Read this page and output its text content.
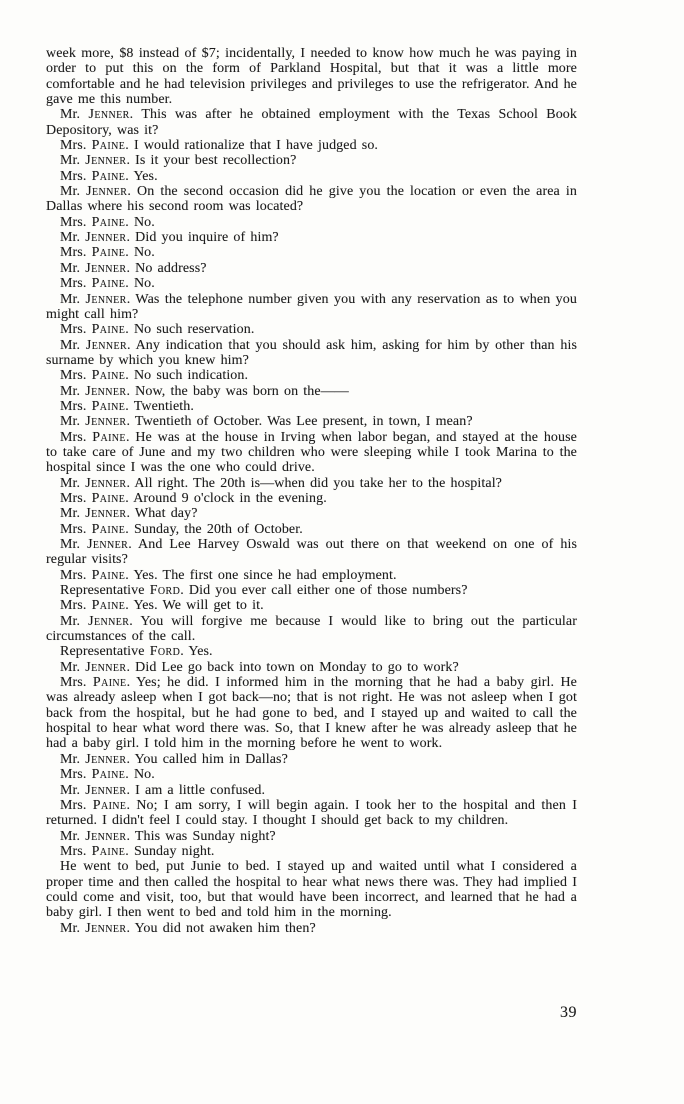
week more, $8 instead of $7; incidentally, I needed to know how much he was paying in order to put this on the form of Parkland Hospital, but that it was a little more comfortable and he had television privileges and privileges to use the refrigerator. And he gave me this number.

Mr. Jenner. This was after he obtained employment with the Texas School Book Depository, was it?

Mrs. Paine. I would rationalize that I have judged so.

Mr. Jenner. Is it your best recollection?

Mrs. Paine. Yes.

Mr. Jenner. On the second occasion did he give you the location or even the area in Dallas where his second room was located?

Mrs. Paine. No.

Mr. Jenner. Did you inquire of him?

Mrs. Paine. No.

Mr. Jenner. No address?

Mrs. Paine. No.

Mr. Jenner. Was the telephone number given you with any reservation as to when you might call him?

Mrs. Paine. No such reservation.

Mr. Jenner. Any indication that you should ask him, asking for him by other than his surname by which you knew him?

Mrs. Paine. No such indication.

Mr. Jenner. Now, the baby was born on the——

Mrs. Paine. Twentieth.

Mr. Jenner. Twentieth of October. Was Lee present, in town, I mean?

Mrs. Paine. He was at the house in Irving when labor began, and stayed at the house to take care of June and my two children who were sleeping while I took Marina to the hospital since I was the one who could drive.

Mr. Jenner. All right. The 20th is—when did you take her to the hospital?

Mrs. Paine. Around 9 o'clock in the evening.

Mr. Jenner. What day?

Mrs. Paine. Sunday, the 20th of October.

Mr. Jenner. And Lee Harvey Oswald was out there on that weekend on one of his regular visits?

Mrs. Paine. Yes. The first one since he had employment.

Representative Ford. Did you ever call either one of those numbers?

Mrs. Paine. Yes. We will get to it.

Mr. Jenner. You will forgive me because I would like to bring out the particular circumstances of the call.

Representative Ford. Yes.

Mr. Jenner. Did Lee go back into town on Monday to go to work?

Mrs. Paine. Yes; he did. I informed him in the morning that he had a baby girl. He was already asleep when I got back—no; that is not right. He was not asleep when I got back from the hospital, but he had gone to bed, and I stayed up and waited to call the hospital to hear what word there was. So, that I knew after he was already asleep that he had a baby girl. I told him in the morning before he went to work.

Mr. Jenner. You called him in Dallas?

Mrs. Paine. No.

Mr. Jenner. I am a little confused.

Mrs. Paine. No; I am sorry, I will begin again. I took her to the hospital and then I returned. I didn't feel I could stay. I thought I should get back to my children.

Mr. Jenner. This was Sunday night?

Mrs. Paine. Sunday night.

He went to bed, put Junie to bed. I stayed up and waited until what I considered a proper time and then called the hospital to hear what news there was. They had implied I could come and visit, too, but that would have been incorrect, and learned that he had a baby girl. I then went to bed and told him in the morning.

Mr. Jenner. You did not awaken him then?

39
